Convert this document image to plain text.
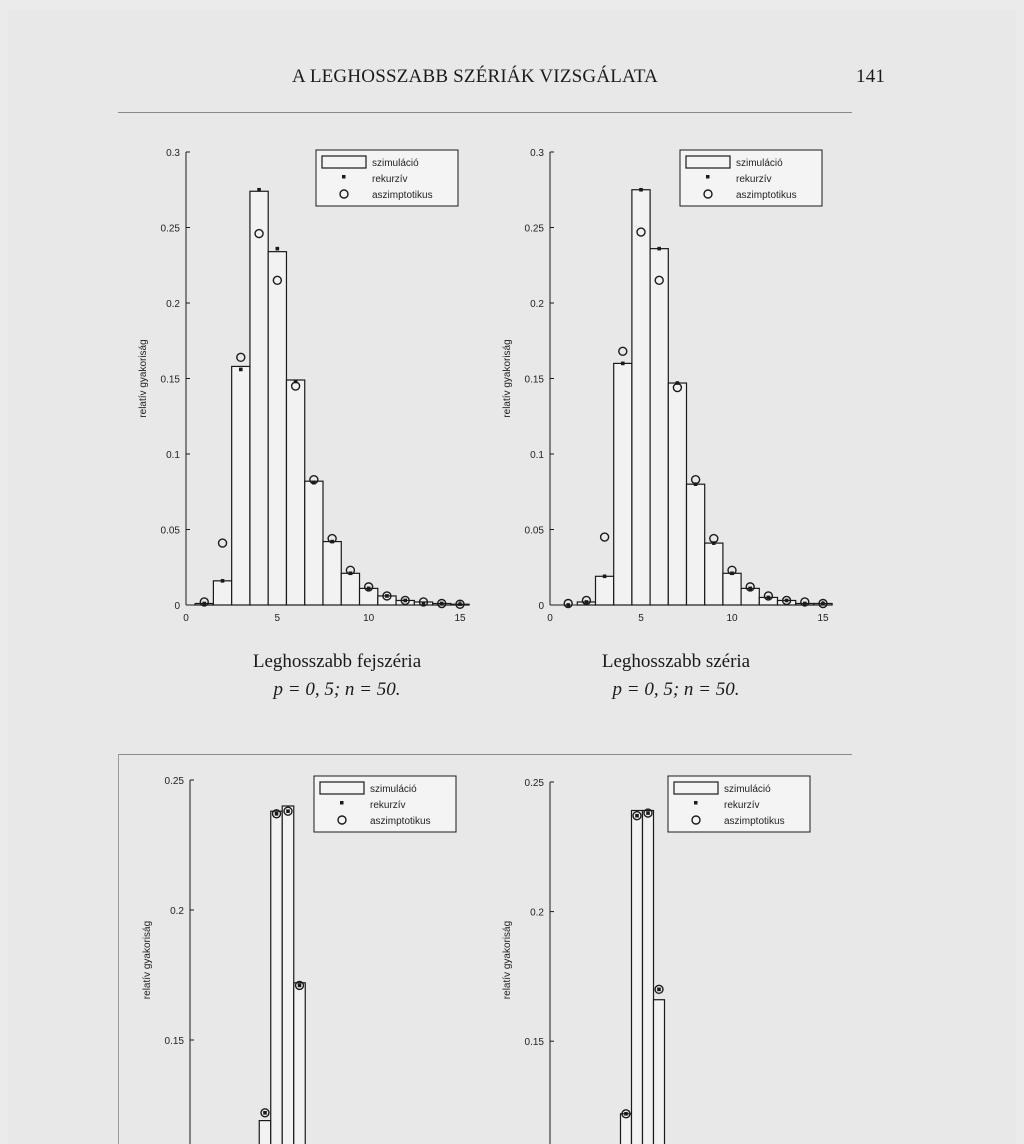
A LEGHOSSZABB SZÉRIÁK VIZSGÁLATA	141
0
0.05
0.1
0.15
0.2
0.25
0.3
0	5	10	15
relatív gyakoriság
szimuláció
rekurzív
aszimptotikus
0
0.05
0.1
0.15
0.2
0.25
0.3
0	5	10	15
relatív gyakoriság
szimuláció
rekurzív
aszimptotikus
Leghosszabb fejszéria
p = 0, 5; n = 50.
Leghosszabb széria
p = 0, 5; n = 50.
0.15
0.2
0.25
relatív gyakoriság
szimuláció
rekurzív
aszimptotikus
0.15
0.2
0.25
relatív gyakoriság
szimuláció
rekurzív
aszimptotikus
